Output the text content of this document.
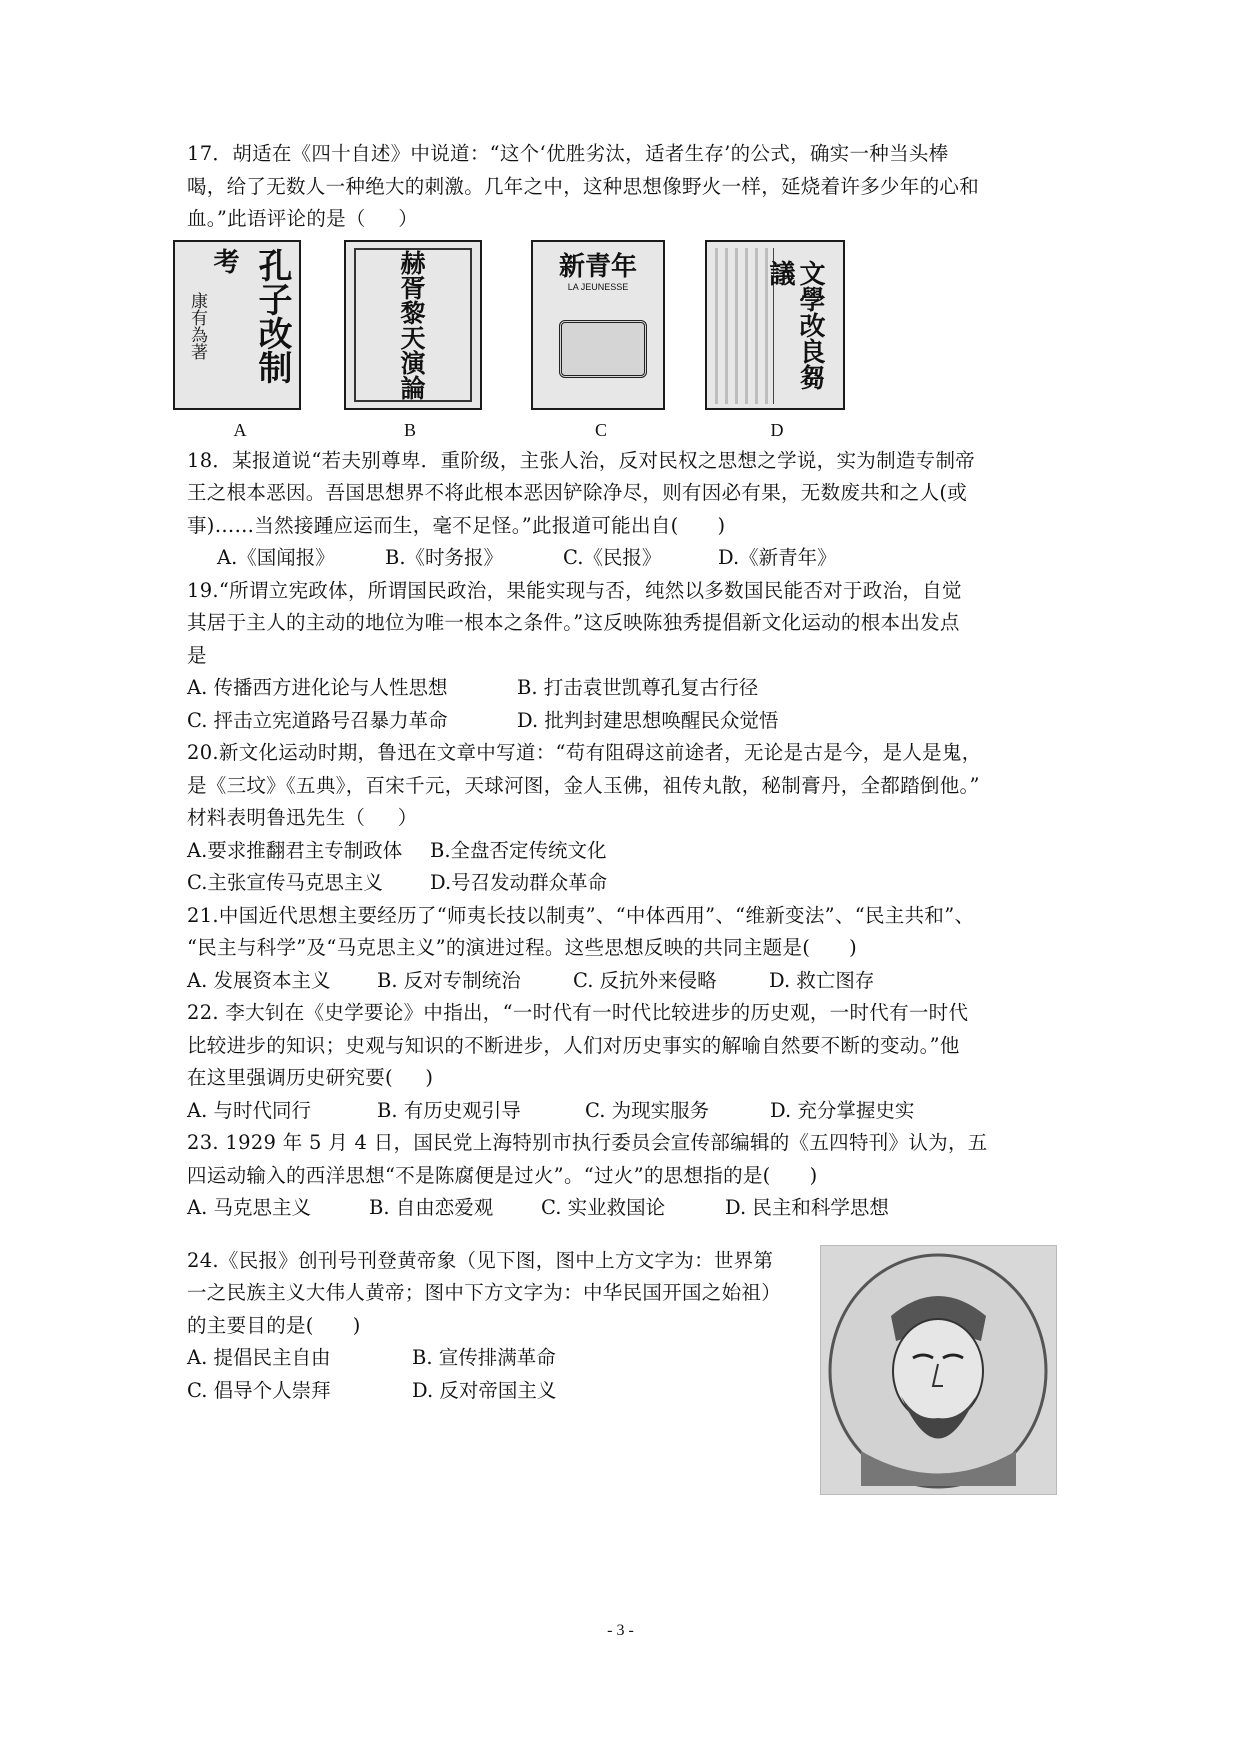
17．胡适在《四十自述》中说道：“这个‘优胜劣汰，适者生存’的公式，确实一种当头棒

喝，给了无数人一种绝大的刺激。几年之中，这种思想像野火一样，延烧着许多少年的心和

血。”此语评论的是（     ）

孔子改制
考
康有為著
A
赫胥黎天演論
B
新青年
LA JEUNESSE
C
文學改良芻議
D

18．某报道说“若夫别尊卑．重阶级，主张人治，反对民权之思想之学说，实为制造专制帝

王之根本恶因。吾国思想界不将此根本恶因铲除净尽，则有因必有果，无数废共和之人(或

事)……当然接踵应运而生，毫不足怪。”此报道可能出自(      )

A.《国闻报》	B.《时务报》	C.《民报》	D.《新青年》

19.“所谓立宪政体，所谓国民政治，果能实现与否，纯然以多数国民能否对于政治，自觉

其居于主人的主动的地位为唯一根本之条件。”这反映陈独秀提倡新文化运动的根本出发点

是

A. 传播西方进化论与人性思想	B. 打击袁世凯尊孔复古行径
C. 抨击立宪道路号召暴力革命	D. 批判封建思想唤醒民众觉悟

20.新文化运动时期，鲁迅在文章中写道：“苟有阻碍这前途者，无论是古是今，是人是鬼，

是《三坟》《五典》，百宋千元，天球河图，金人玉佛，祖传丸散，秘制膏丹，全都踏倒他。”

材料表明鲁迅先生（     ）

A.要求推翻君主专制政体	B.全盘否定传统文化
C.主张宣传马克思主义	D.号召发动群众革命

21.中国近代思想主要经历了“师夷长技以制夷”、“中体西用”、“维新变法”、“民主共和”、

“民主与科学”及“马克思主义”的演进过程。这些思想反映的共同主题是(      )

A. 发展资本主义	B. 反对专制统治	C. 反抗外来侵略	D. 救亡图存

22. 李大钊在《史学要论》中指出，“一时代有一时代比较进步的历史观，一时代有一时代

比较进步的知识；史观与知识的不断进步，人们对历史事实的解喻自然要不断的变动。”他

在这里强调历史研究要(     )

A. 与时代同行	B. 有历史观引导	C. 为现实服务	D. 充分掌握史实

23. 1929 年 5 月 4 日，国民党上海特别市执行委员会宣传部编辑的《五四特刊》认为，五

四运动输入的西洋思想“不是陈腐便是过火”。“过火”的思想指的是(      )

A. 马克思主义	B. 自由恋爱观	C. 实业救国论	D. 民主和科学思想

24.《民报》创刊号刊登黄帝象（见下图，图中上方文字为：世界第

一之民族主义大伟人黄帝；图中下方文字为：中华民国开国之始祖）

的主要目的是(      )

A. 提倡民主自由	B. 宣传排满革命
C. 倡导个人崇拜	D. 反对帝国主义
- 3 -
